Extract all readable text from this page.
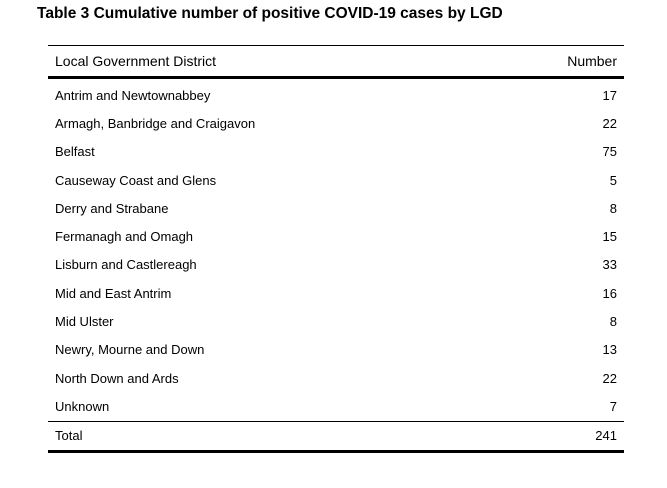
Table 3 Cumulative number of positive COVID-19 cases by LGD
Local Government District	Number
Antrim and Newtownabbey	17
Armagh, Banbridge and Craigavon	22
Belfast	75
Causeway Coast and Glens	5
Derry and Strabane	8
Fermanagh and Omagh	15
Lisburn and Castlereagh	33
Mid and East Antrim	16
Mid Ulster	8
Newry, Mourne and Down	13
North Down and Ards	22
Unknown	7
Total	241
